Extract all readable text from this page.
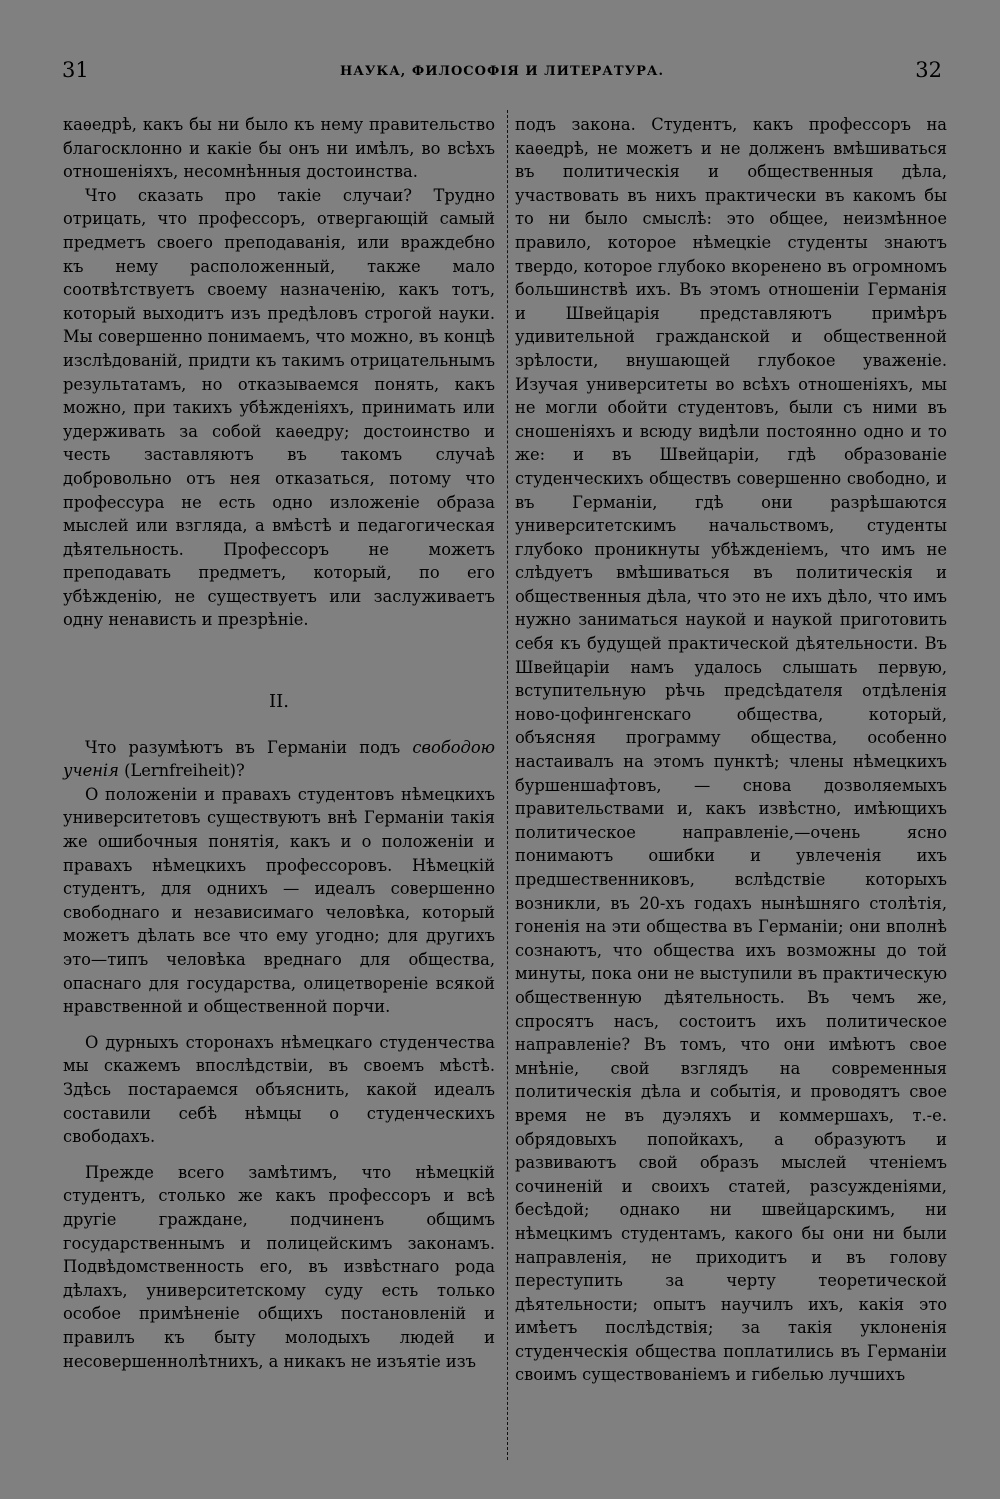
31	НАУКА, ФИЛОСОФІЯ И ЛИТЕРАТУРА.	32

каѳедрѣ, какъ бы ни было къ нему правительство благосклонно и какіе бы онъ ни имѣлъ, во всѣхъ отношеніяхъ, несомнѣнныя достоинства.

Что сказать про такіе случаи? Трудно отрицать, что профессоръ, отвергающій самый предметъ своего преподаванія, или враждебно къ нему расположенный, также мало соотвѣтствуетъ своему назначенію, какъ тотъ, который выходитъ изъ предѣловъ строгой науки. Мы совершенно понимаемъ, что можно, въ концѣ изслѣдованій, придти къ такимъ отрицательнымъ результатамъ, но отказываемся понять, какъ можно, при такихъ убѣжденіяхъ, принимать или удерживать за собой каѳедру; достоинство и честь заставляютъ въ такомъ случаѣ добровольно отъ нея отказаться, потому что профессура не есть одно изложеніе образа мыслей или взгляда, а вмѣстѣ и педагогическая дѣятельность. Профессоръ не можетъ преподавать предметъ, который, по его убѣжденію, не существуетъ или заслуживаетъ одну ненависть и презрѣніе.

II.

Что разумѣютъ въ Германіи подъ свободою ученія (Lernfreiheit)?

О положеніи и правахъ студентовъ нѣмецкихъ университетовъ существуютъ внѣ Германіи такія же ошибочныя понятія, какъ и о положеніи и правахъ нѣмецкихъ профессоровъ. Нѣмецкій студентъ, для однихъ — идеалъ совершенно свободнаго и независимаго человѣка, который можетъ дѣлать все что ему угодно; для другихъ это—типъ человѣка вреднаго для общества, опаснаго для государства, олицетвореніе всякой нравственной и общественной порчи.

О дурныхъ сторонахъ нѣмецкаго студенчества мы скажемъ впослѣдствіи, въ своемъ мѣстѣ. Здѣсь постараемся объяснить, какой идеалъ составили себѣ нѣмцы о студенческихъ свободахъ.

Прежде всего замѣтимъ, что нѣмецкій студентъ, столько же какъ профессоръ и всѣ другіе граждане, подчиненъ общимъ государственнымъ и полицейскимъ законамъ. Подвѣдомственность его, въ извѣстнаго рода дѣлахъ, университетскому суду есть только особое примѣненіе общихъ постановленій и правилъ къ быту молодыхъ людей и несовершеннолѣтнихъ, а никакъ не изъятіе изъ

подъ закона. Студентъ, какъ профессоръ на каѳедрѣ, не можетъ и не долженъ вмѣшиваться въ политическія и общественныя дѣла, участвовать въ нихъ практически въ какомъ бы то ни было смыслѣ: это общее, неизмѣнное правило, которое нѣмецкіе студенты знаютъ твердо, которое глубоко вкоренено въ огромномъ большинствѣ ихъ. Въ этомъ отношеніи Германія и Швейцарія представляютъ примѣръ удивительной гражданской и общественной зрѣлости, внушающей глубокое уваженіе. Изучая университеты во всѣхъ отношеніяхъ, мы не могли обойти студентовъ, были съ ними въ сношеніяхъ и всюду видѣли постоянно одно и то же: и въ Швейцаріи, гдѣ образованіе студенческихъ обществъ совершенно свободно, и въ Германіи, гдѣ они разрѣшаются университетскимъ начальствомъ, студенты глубоко проникнуты убѣжденіемъ, что имъ не слѣдуетъ вмѣшиваться въ политическія и общественныя дѣла, что это не ихъ дѣло, что имъ нужно заниматься наукой и наукой приготовить себя къ будущей практической дѣятельности. Въ Швейцаріи намъ удалось слышать первую, вступительную рѣчь предсѣдателя отдѣленія ново-цофингенскаго общества, который, объясняя программу общества, особенно настаивалъ на этомъ пунктѣ; члены нѣмецкихъ буршеншафтовъ, — снова дозволяемыхъ правительствами и, какъ извѣстно, имѣющихъ политическое направленіе,—очень ясно понимаютъ ошибки и увлеченія ихъ предшественниковъ, вслѣдствіе которыхъ возникли, въ 20-хъ годахъ нынѣшняго столѣтія, гоненія на эти общества въ Германіи; они вполнѣ сознаютъ, что общества ихъ возможны до той минуты, пока они не выступили въ практическую общественную дѣятельность. Въ чемъ же, спросятъ насъ, состоитъ ихъ политическое направленіе? Въ томъ, что они имѣютъ свое мнѣніе, свой взглядъ на современныя политическія дѣла и событія, и проводятъ свое время не въ дуэляхъ и коммершахъ, т.-е. обрядовыхъ попойкахъ, а образуютъ и развиваютъ свой образъ мыслей чтеніемъ сочиненій и своихъ статей, разсужденіями, бесѣдой; однако ни швейцарскимъ, ни нѣмецкимъ студентамъ, какого бы они ни были направленія, не приходитъ и въ голову переступить за черту теоретической дѣятельности; опытъ научилъ ихъ, какія это имѣетъ послѣдствія; за такія уклоненія студенческія общества поплатились въ Германіи своимъ существованіемъ и гибелью лучшихъ
